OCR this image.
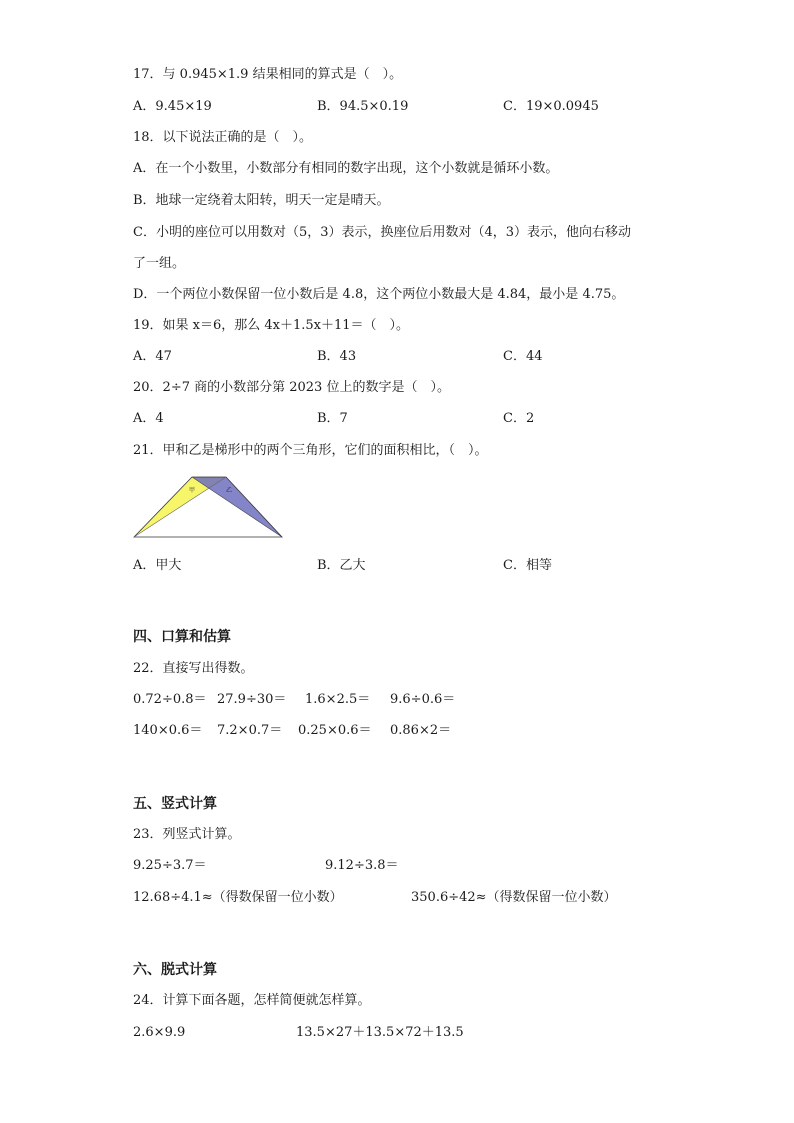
17．与 0.945×1.9 结果相同的算式是（　）。
A．9.45×19	B．94.5×0.19	C．19×0.0945
18．以下说法正确的是（　）。
A．在一个小数里，小数部分有相同的数字出现，这个小数就是循环小数。
B．地球一定绕着太阳转，明天一定是晴天。
C．小明的座位可以用数对（5，3）表示，换座位后用数对（4，3）表示，他向右移动
了一组。
D．一个两位小数保留一位小数后是 4.8，这个两位小数最大是 4.84，最小是 4.75。
19．如果 x＝6，那么 4x＋1.5x＋11＝（　）。
A．47	B．43	C．44
20．2÷7 商的小数部分第 2023 位上的数字是（　）。
A．4	B．7	C．2
21．甲和乙是梯形中的两个三角形，它们的面积相比，（　）。
甲	乙
A．甲大	B．乙大	C．相等
四、口算和估算
22．直接写出得数。
0.72÷0.8＝ 27.9÷30＝ 1.6×2.5＝ 9.6÷0.6＝
140×0.6＝ 7.2×0.7＝ 0.25×0.6＝ 0.86×2＝
五、竖式计算
23．列竖式计算。
9.25÷3.7＝	9.12÷3.8＝
12.68÷4.1≈（得数保留一位小数）	350.6÷42≈（得数保留一位小数）
六、脱式计算
24．计算下面各题，怎样简便就怎样算。
2.6×9.9	13.5×27＋13.5×72＋13.5
